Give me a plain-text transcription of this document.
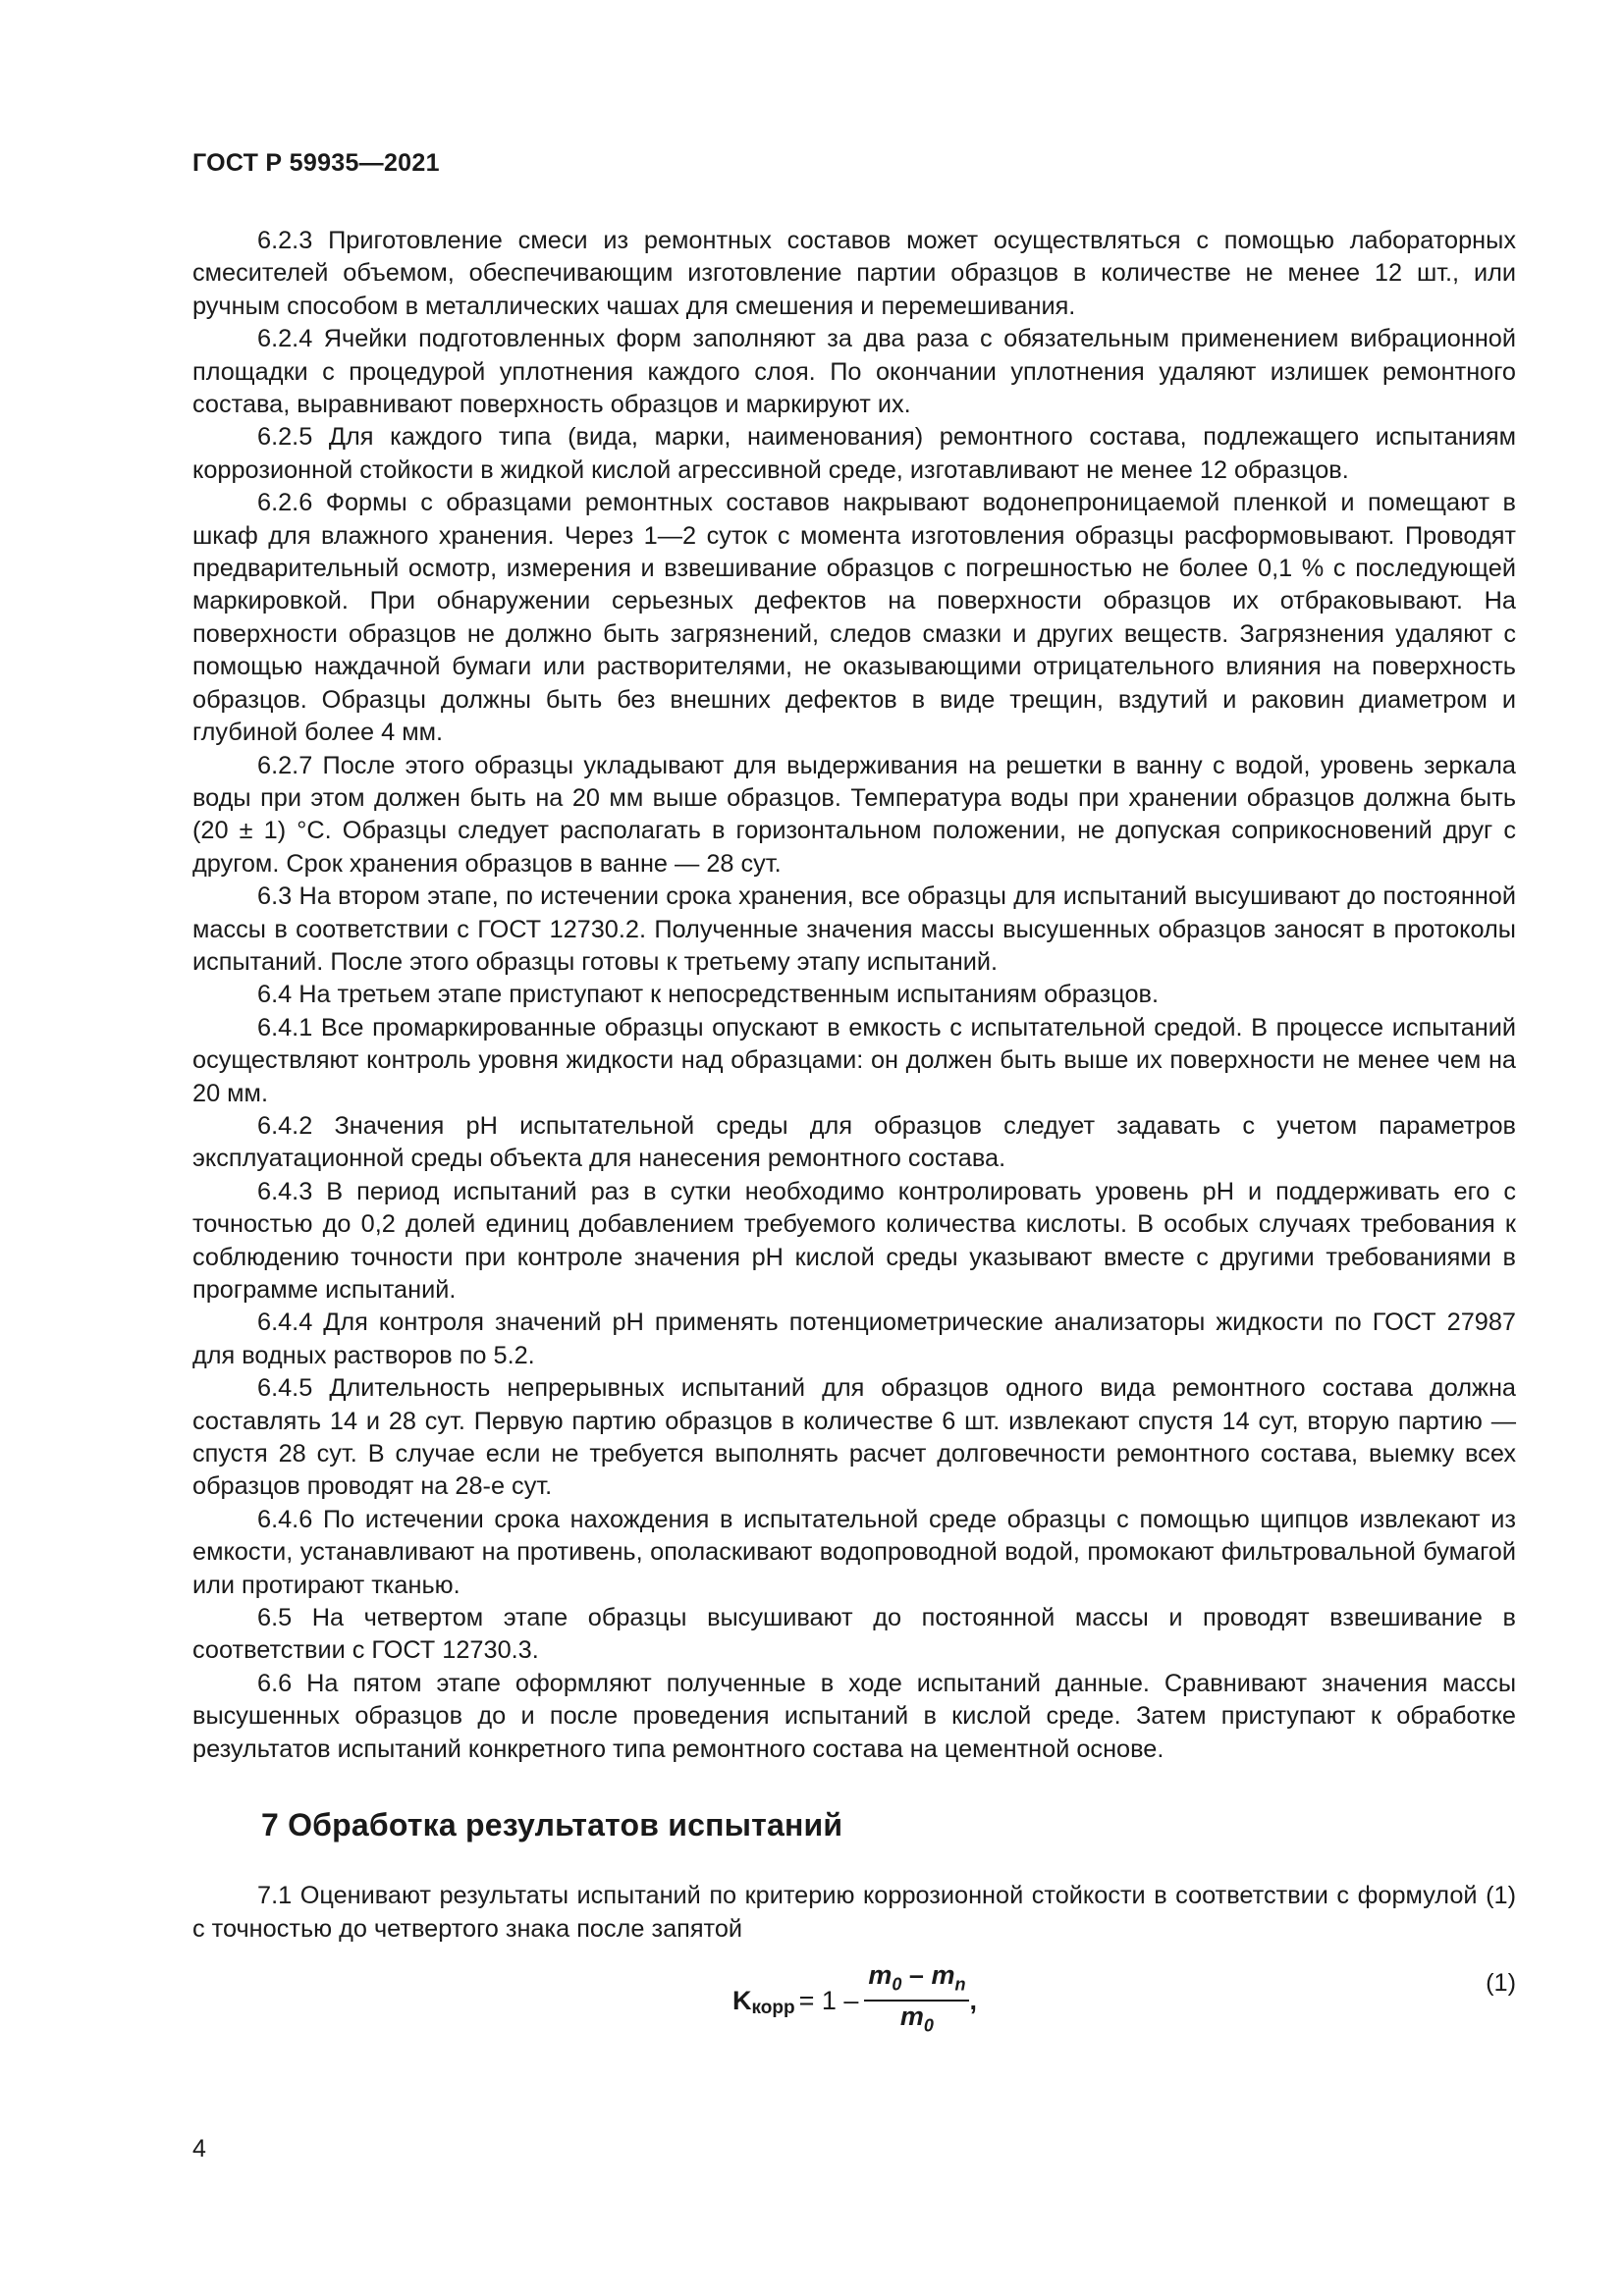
ГОСТ Р 59935—2021

6.2.3 Приготовление смеси из ремонтных составов может осуществляться с помощью лабораторных смесителей объемом, обеспечивающим изготовление партии образцов в количестве не менее 12 шт., или ручным способом в металлических чашах для смешения и перемешивания.

6.2.4 Ячейки подготовленных форм заполняют за два раза с обязательным применением вибрационной площадки с процедурой уплотнения каждого слоя. По окончании уплотнения удаляют излишек ремонтного состава, выравнивают поверхность образцов и маркируют их.

6.2.5 Для каждого типа (вида, марки, наименования) ремонтного состава, подлежащего испытаниям коррозионной стойкости в жидкой кислой агрессивной среде, изготавливают не менее 12 образцов.

6.2.6 Формы с образцами ремонтных составов накрывают водонепроницаемой пленкой и помещают в шкаф для влажного хранения. Через 1—2 суток с момента изготовления образцы расформовывают. Проводят предварительный осмотр, измерения и взвешивание образцов с погрешностью не более 0,1 % с последующей маркировкой. При обнаружении серьезных дефектов на поверхности образцов их отбраковывают. На поверхности образцов не должно быть загрязнений, следов смазки и других веществ. Загрязнения удаляют с помощью наждачной бумаги или растворителями, не оказывающими отрицательного влияния на поверхность образцов. Образцы должны быть без внешних дефектов в виде трещин, вздутий и раковин диаметром и глубиной более 4 мм.

6.2.7 После этого образцы укладывают для выдерживания на решетки в ванну с водой, уровень зеркала воды при этом должен быть на 20 мм выше образцов. Температура воды при хранении образцов должна быть (20 ± 1) °С. Образцы следует располагать в горизонтальном положении, не допуская соприкосновений друг с другом. Срок хранения образцов в ванне — 28 сут.

6.3 На втором этапе, по истечении срока хранения, все образцы для испытаний высушивают до постоянной массы в соответствии с ГОСТ 12730.2. Полученные значения массы высушенных образцов заносят в протоколы испытаний. После этого образцы готовы к третьему этапу испытаний.

6.4 На третьем этапе приступают к непосредственным испытаниям образцов.

6.4.1 Все промаркированные образцы опускают в емкость с испытательной средой. В процессе испытаний осуществляют контроль уровня жидкости над образцами: он должен быть выше их поверхности не менее чем на 20 мм.

6.4.2 Значения pH испытательной среды для образцов следует задавать с учетом параметров эксплуатационной среды объекта для нанесения ремонтного состава.

6.4.3 В период испытаний раз в сутки необходимо контролировать уровень pH и поддерживать его с точностью до 0,2 долей единиц добавлением требуемого количества кислоты. В особых случаях требования к соблюдению точности при контроле значения pH кислой среды указывают вместе с другими требованиями в программе испытаний.

6.4.4 Для контроля значений pH применять потенциометрические анализаторы жидкости по ГОСТ 27987 для водных растворов по 5.2.

6.4.5 Длительность непрерывных испытаний для образцов одного вида ремонтного состава должна составлять 14 и 28 сут. Первую партию образцов в количестве 6 шт. извлекают спустя 14 сут, вторую партию — спустя 28 сут. В случае если не требуется выполнять расчет долговечности ремонтного состава, выемку всех образцов проводят на 28-е сут.

6.4.6 По истечении срока нахождения в испытательной среде образцы с помощью щипцов извлекают из емкости, устанавливают на противень, ополаскивают водопроводной водой, промокают фильтровальной бумагой или протирают тканью.

6.5 На четвертом этапе образцы высушивают до постоянной массы и проводят взвешивание в соответствии с ГОСТ 12730.3.

6.6 На пятом этапе оформляют полученные в ходе испытаний данные. Сравнивают значения массы высушенных образцов до и после проведения испытаний в кислой среде. Затем приступают к обработке результатов испытаний конкретного типа ремонтного состава на цементной основе.

7 Обработка результатов испытаний

7.1 Оценивают результаты испытаний по критерию коррозионной стойкости в соответствии с формулой (1) с точностью до четвертого знака после запятой

K корр = $1 - \frac{m_0 - m_n}{m_0}$ ,
(1)
4
